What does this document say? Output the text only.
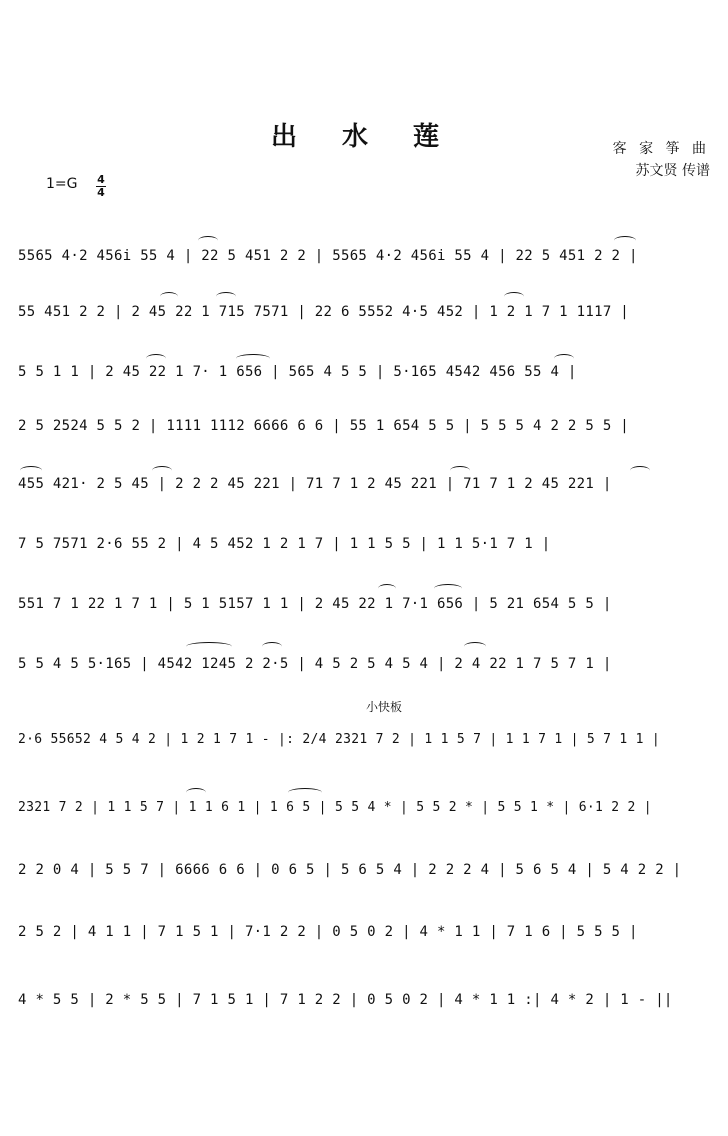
出 水 莲	客 家 筝 曲
苏文贤 传谱
1=G 4
4
小快板
5565 4·2 456i 55 4 | 22 5 451 2 2 | 5565 4·2 456i 55 4 | 22 5 451 2 2 |
55 451 2 2 | 2 45 22 1 715 7571 | 22 6 5552 4·5 452 | 1 2 1 7 1 1117 |
5 5 1 1 | 2 45 22 1 7· 1 656 | 565 4 5 5 | 5·165 4542 456 55 4 |
2 5 2524 5 5 2 | 1111 1112 6666 6 6 | 55 1 654 5 5 | 5 5 5 4 2 2 5 5 |
455 421· 2 5 45 | 2 2 2 45 221 | 71 7 1 2 45 221 | 71 7 1 2 45 221 |
7 5 7571 2·6 55 2 | 4 5 452 1 2 1 7 | 1 1 5 5 | 1 1 5·1 7 1 |
551 7 1 22 1 7 1 | 5 1 5157 1 1 | 2 45 22 1 7·1 656 | 5 21 654 5 5 |
5 5 4 5 5·165 | 4542 1245 2 2·5 | 4 5 2 5 4 5 4 | 2 4 22 1 7 5 7 1 |
2·6 55652 4 5 4 2 | 1 2 1 7 1 - |: 2/4 2321 7 2 | 1 1 5 7 | 1 1 7 1 | 5 7 1 1 |
2321 7 2 | 1 1 5 7 | 1 1 6 1 | 1 6 5 | 5 5 4 * | 5 5 2 * | 5 5 1 * | 6·1 2 2 |
2 2 0 4 | 5 5 7 | 6666 6 6 | 0 6 5 | 5 6 5 4 | 2 2 2 4 | 5 6 5 4 | 5 4 2 2 |
2 5 2 | 4 1 1 | 7 1 5 1 | 7·1 2 2 | 0 5 0 2 | 4 * 1 1 | 7 1 6 | 5 5 5 |
4 * 5 5 | 2 * 5 5 | 7 1 5 1 | 7 1 2 2 | 0 5 0 2 | 4 * 1 1 :| 4 * 2 | 1 - ||
